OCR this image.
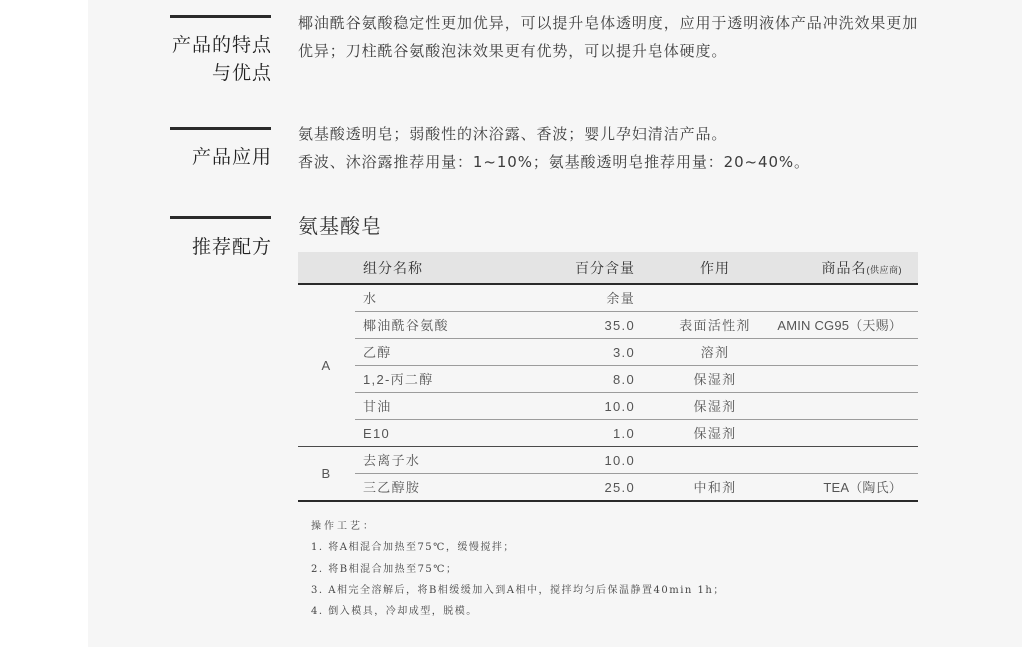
产品的特点
与优点
椰油酰谷氨酸稳定性更加优异，可以提升皂体透明度，应用于透明液体产品冲洗效果更加
优异；刀柱酰谷氨酸泡沫效果更有优势，可以提升皂体硬度。
产品应用
氨基酸透明皂；弱酸性的沐浴露、香波；婴儿孕妇清洁产品。
香波、沐浴露推荐用量：1~10%；氨基酸透明皂推荐用量：20~40%。
推荐配方
氨基酸皂
	组分名称	百分含量	作用	商品名(供应商)
A	水	余量		
	椰油酰谷氨酸	35.0	表面活性剂	AMIN CG95（天赐）
	乙醇	3.0	溶剂	
	1,2-丙二醇	8.0	保湿剂	
	甘油	10.0	保湿剂	
	E10	1.0	保湿剂	
B	去离子水	10.0		
	三乙醇胺	25.0	中和剂	TEA（陶氏）
操作工艺：
1. 将A相混合加热至75℃，缓慢搅拌；
2. 将B相混合加热至75℃；
3. A相完全溶解后，将B相缓缓加入到A相中，搅拌均匀后保温静置40min 1h；
4. 倒入模具，冷却成型，脱模。
